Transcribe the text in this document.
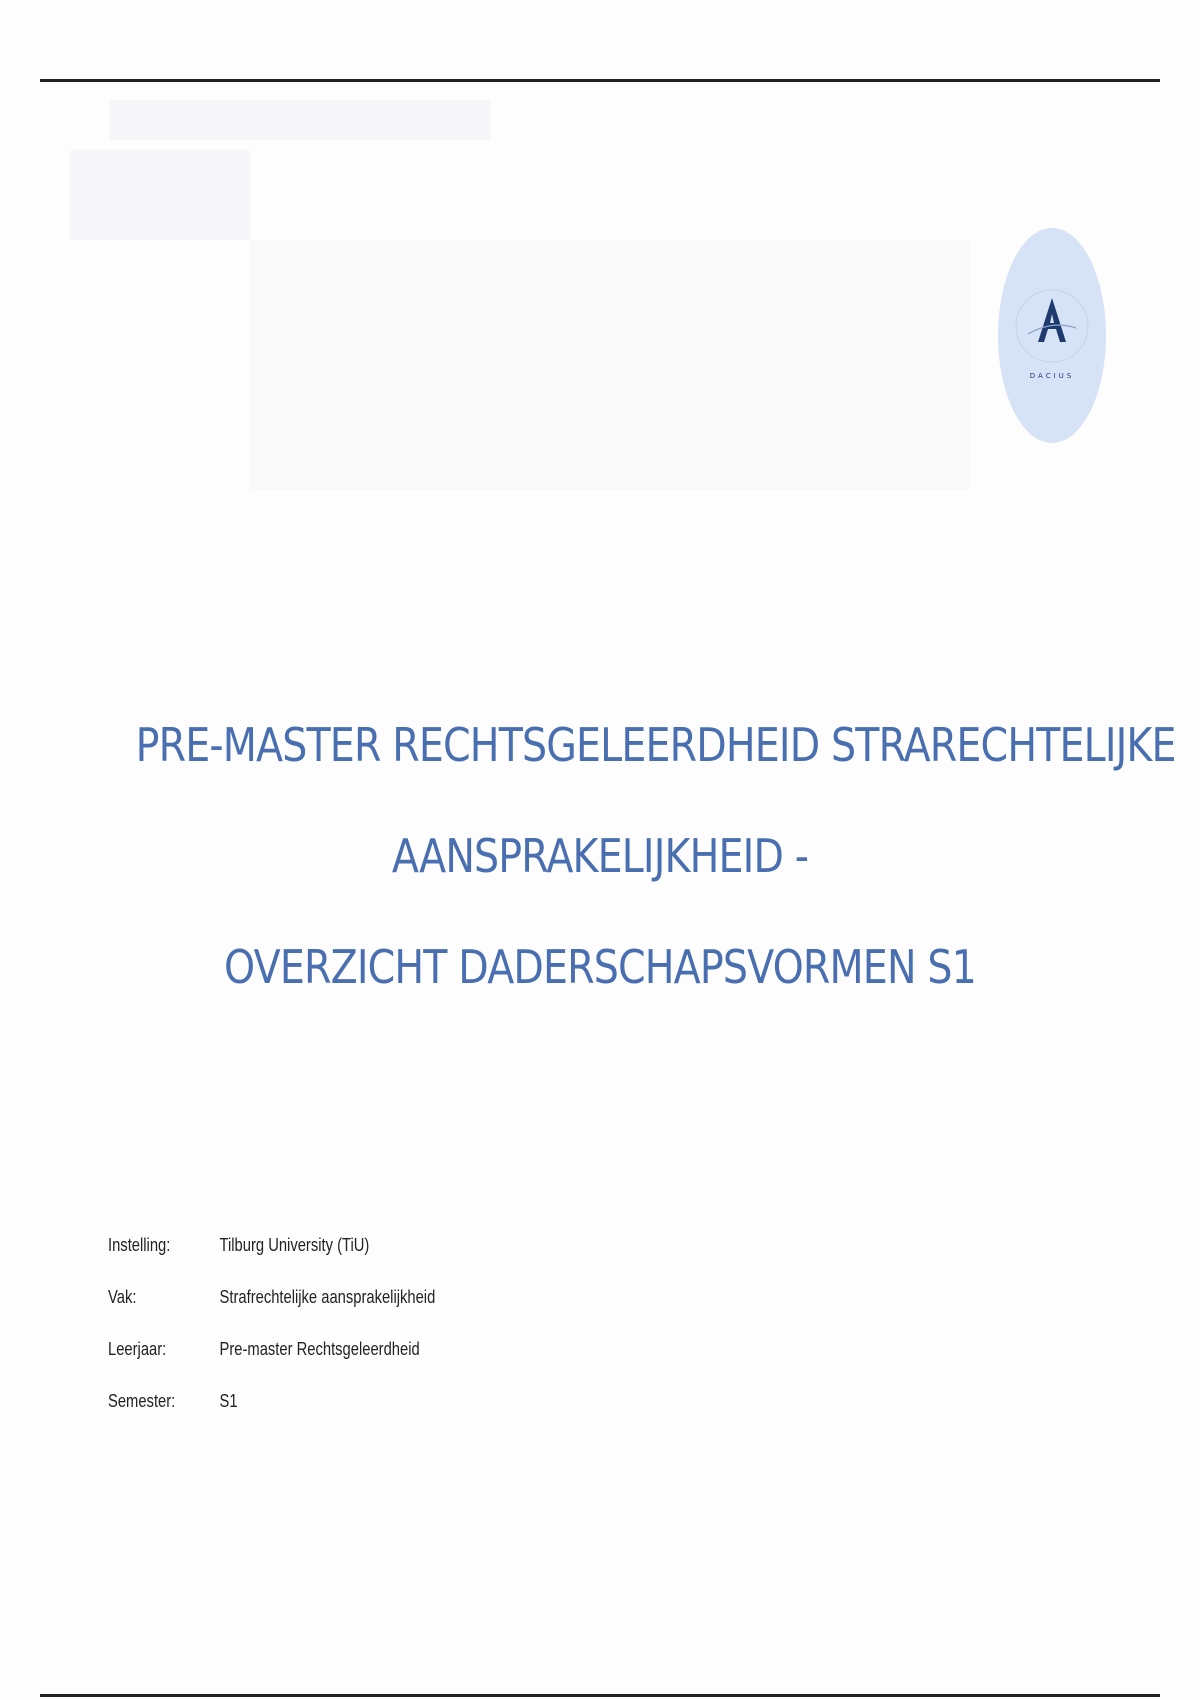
DACIUS
PRE-MASTER RECHTSGELEERDHEID STRARECHTELIJKE
AANSPRAKELIJKHEID -
OVERZICHT DADERSCHAPSVORMEN S1
Instelling:	Tilburg University (TiU)
Vak:	Strafrechtelijke aansprakelijkheid
Leerjaar:	Pre-master Rechtsgeleerdheid
Semester:	S1
